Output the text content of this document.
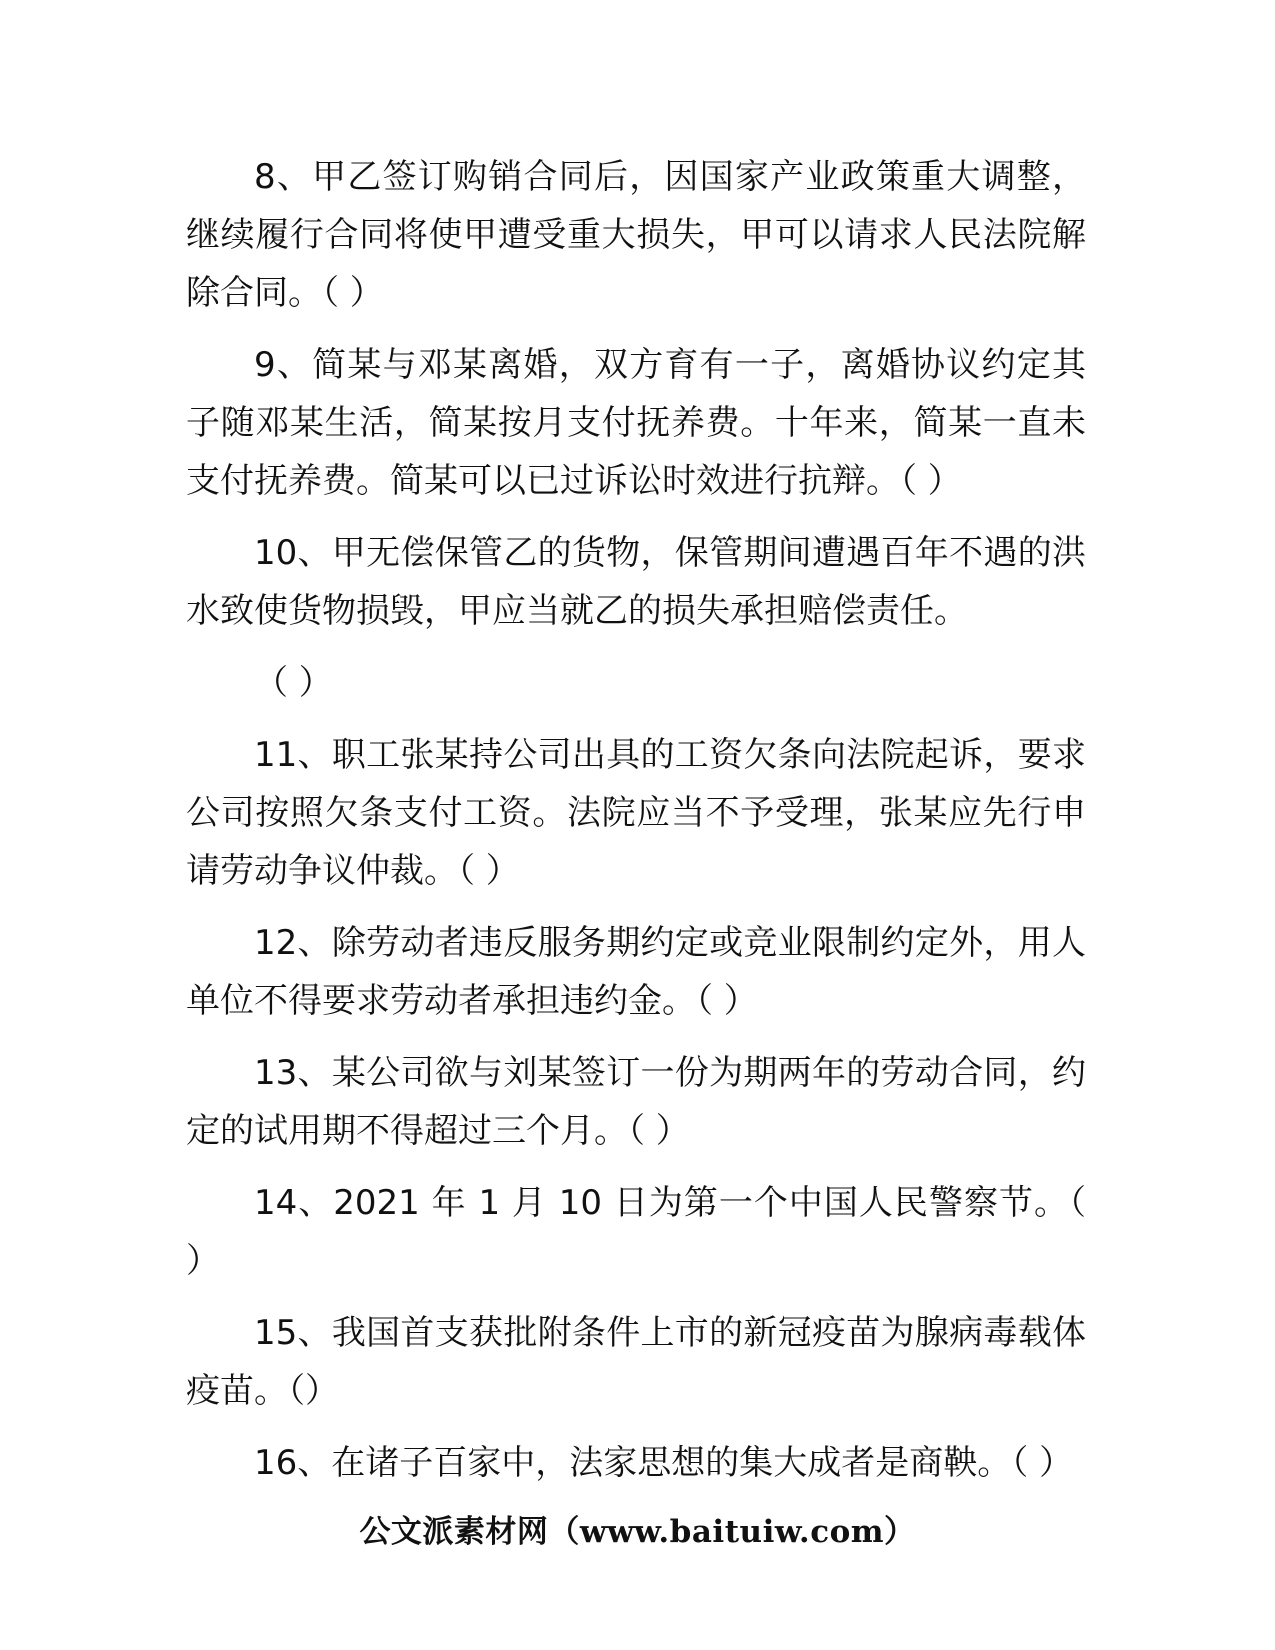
8、甲乙签订购销合同后，因国家产业政策重大调整，继续履行合同将使甲遭受重大损失，甲可以请求人民法院解除合同。（ ）

9、简某与邓某离婚，双方育有一子，离婚协议约定其子随邓某生活，简某按月支付抚养费。十年来，简某一直未支付抚养费。简某可以已过诉讼时效进行抗辩。（ ）

10、甲无偿保管乙的货物，保管期间遭遇百年不遇的洪水致使货物损毁，甲应当就乙的损失承担赔偿责任。

（ ）

11、职工张某持公司出具的工资欠条向法院起诉，要求公司按照欠条支付工资。法院应当不予受理，张某应先行申请劳动争议仲裁。（ ）

12、除劳动者违反服务期约定或竞业限制约定外，用人单位不得要求劳动者承担违约金。（ ）

13、某公司欲与刘某签订一份为期两年的劳动合同，约定的试用期不得超过三个月。（ ）

14、2021 年 1 月 10 日为第一个中国人民警察节。（ ）

15、我国首支获批附条件上市的新冠疫苗为腺病毒载体疫苗。（）

16、在诸子百家中，法家思想的集大成者是商鞅。（ ）

公文派素材网（www.baituiw.com）
